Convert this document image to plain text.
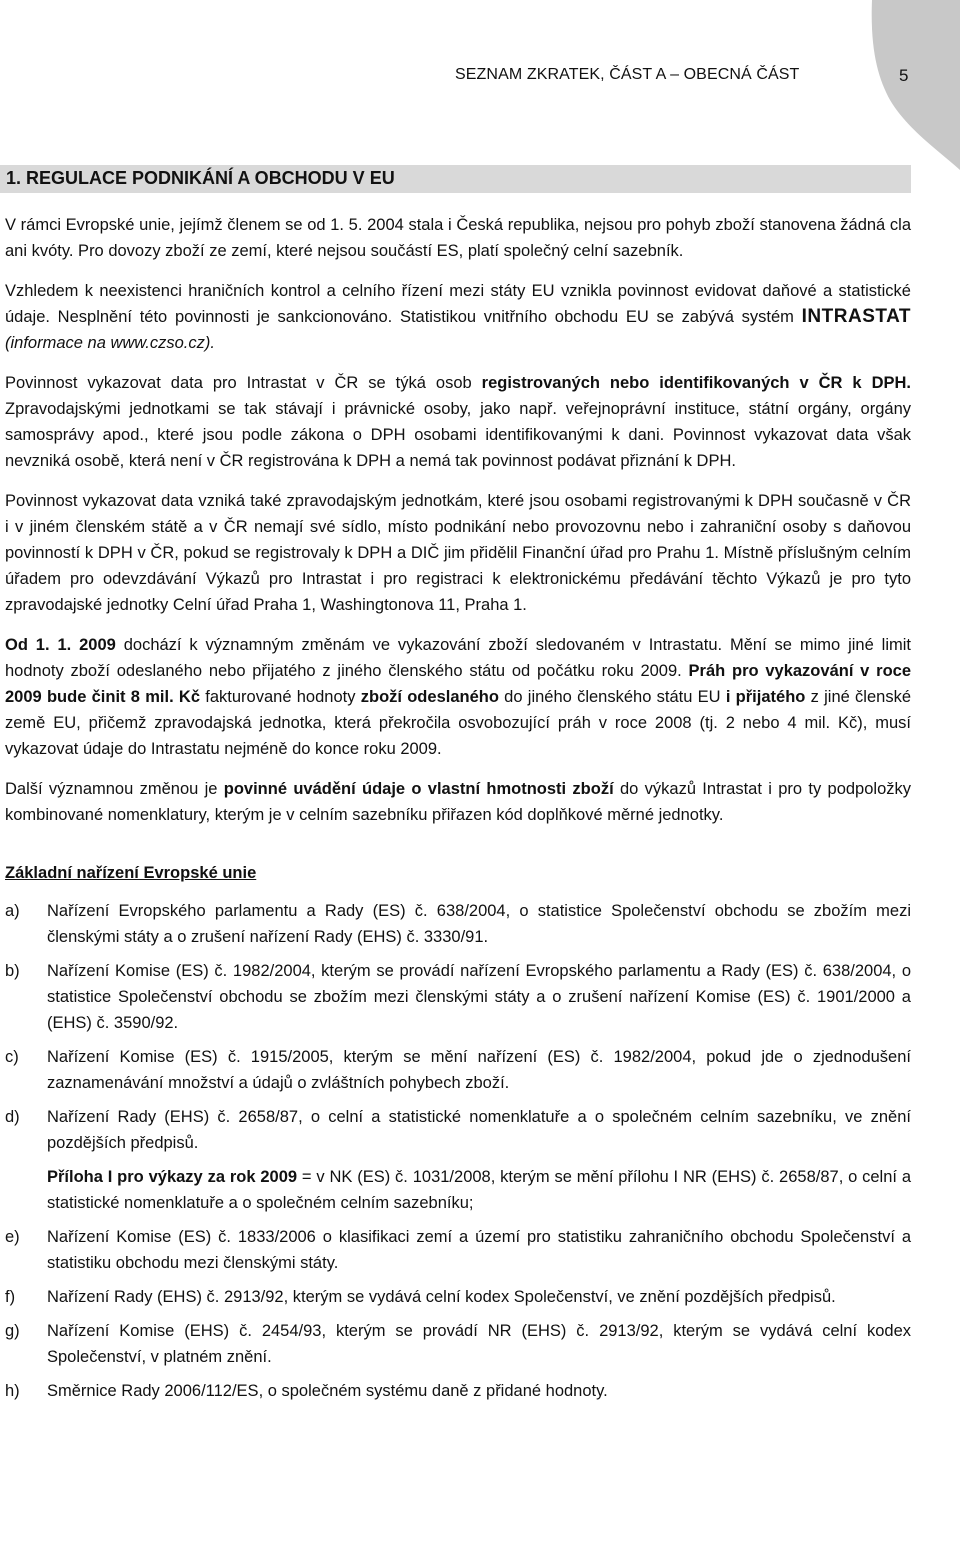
SEZNAM ZKRATEK, ČÁST A – OBECNÁ ČÁST	5
1. REGULACE PODNIKÁNÍ A OBCHODU V EU

V rámci Evropské unie, jejímž členem se od 1. 5. 2004 stala i Česká republika, nejsou pro pohyb zboží stanovena žádná cla ani kvóty. Pro dovozy zboží ze zemí, které nejsou součástí ES, platí společný celní sazebník.

Vzhledem k neexistenci hraničních kontrol a celního řízení mezi státy EU vznikla povinnost evidovat daňové a statistické údaje. Nesplnění této povinnosti je sankcionováno. Statistikou vnitřního obchodu EU se zabývá systém INTRASTAT (informace na www.czso.cz).

Povinnost vykazovat data pro Intrastat v ČR se týká osob registrovaných nebo identifikovaných v ČR k DPH. Zpravodajskými jednotkami se tak stávají i právnické osoby, jako např. veřejnoprávní instituce, státní orgány, orgány samosprávy apod., které jsou podle zákona o DPH osobami identifikovanými k dani. Povinnost vykazovat data však nevzniká osobě, která není v ČR registrována k DPH a nemá tak povinnost podávat přiznání k DPH.

Povinnost vykazovat data vzniká také zpravodajským jednotkám, které jsou osobami registrovanými k DPH současně v ČR i v jiném členském státě a v ČR nemají své sídlo, místo podnikání nebo provozovnu nebo i zahraniční osoby s daňovou povinností k DPH v ČR, pokud se registrovaly k DPH a DIČ jim přidělil Finanční úřad pro Prahu 1. Místně příslušným celním úřadem pro odevzdávání Výkazů pro Intrastat i pro registraci k elektronickému předávání těchto Výkazů je pro tyto zpravodajské jednotky Celní úřad Praha 1, Washingtonova 11, Praha 1.

Od 1. 1. 2009 dochází k významným změnám ve vykazování zboží sledovaném v Intrastatu. Mění se mimo jiné limit hodnoty zboží odeslaného nebo přijatého z jiného členského státu od počátku roku 2009. Práh pro vykazování v roce 2009 bude činit 8 mil. Kč fakturované hodnoty zboží odeslaného do jiného členského státu EU i přijatého z jiné členské země EU, přičemž zpravodajská jednotka, která překročila osvobozující práh v roce 2008 (tj. 2 nebo 4 mil. Kč), musí vykazovat údaje do Intrastatu nejméně do konce roku 2009.

Další významnou změnou je povinné uvádění údaje o vlastní hmotnosti zboží do výkazů Intrastat i pro ty podpoložky kombinované nomenklatury, kterým je v celním sazebníku přiřazen kód doplňkové měrné jednotky.

Základní nařízení Evropské unie
a)	Nařízení Evropského parlamentu a Rady (ES) č. 638/2004, o statistice Společenství obchodu se zbožím mezi členskými státy a o zrušení nařízení Rady (EHS) č. 3330/91.
b)	Nařízení Komise (ES) č. 1982/2004, kterým se provádí nařízení Evropského parlamentu a Rady (ES) č. 638/2004, o statistice Společenství obchodu se zbožím mezi členskými státy a o zrušení nařízení Komise (ES) č. 1901/2000 a (EHS) č. 3590/92.
c)	Nařízení Komise (ES) č. 1915/2005, kterým se mění nařízení (ES) č. 1982/2004, pokud jde o zjednodušení zaznamenávání množství a údajů o zvláštních pohybech zboží.
d)	Nařízení Rady (EHS) č. 2658/87, o celní a statistické nomenklatuře a o společném celním sazebníku, ve znění pozdějších předpisů.
Příloha I pro výkazy za rok 2009 = v NK (ES) č. 1031/2008, kterým se mění přílohu I NR (EHS) č. 2658/87, o celní a statistické nomenklatuře a o společném celním sazebníku;
e)	Nařízení Komise (ES) č. 1833/2006 o klasifikaci zemí a území pro statistiku zahraničního obchodu Společenství a statistiku obchodu mezi členskými státy.
f)	Nařízení Rady (EHS) č. 2913/92, kterým se vydává celní kodex Společenství, ve znění pozdějších předpisů.
g)	Nařízení Komise (EHS) č. 2454/93, kterým se provádí NR (EHS) č. 2913/92, kterým se vydává celní kodex Společenství, v platném znění.
h)	Směrnice Rady 2006/112/ES, o společném systému daně z přidané hodnoty.
